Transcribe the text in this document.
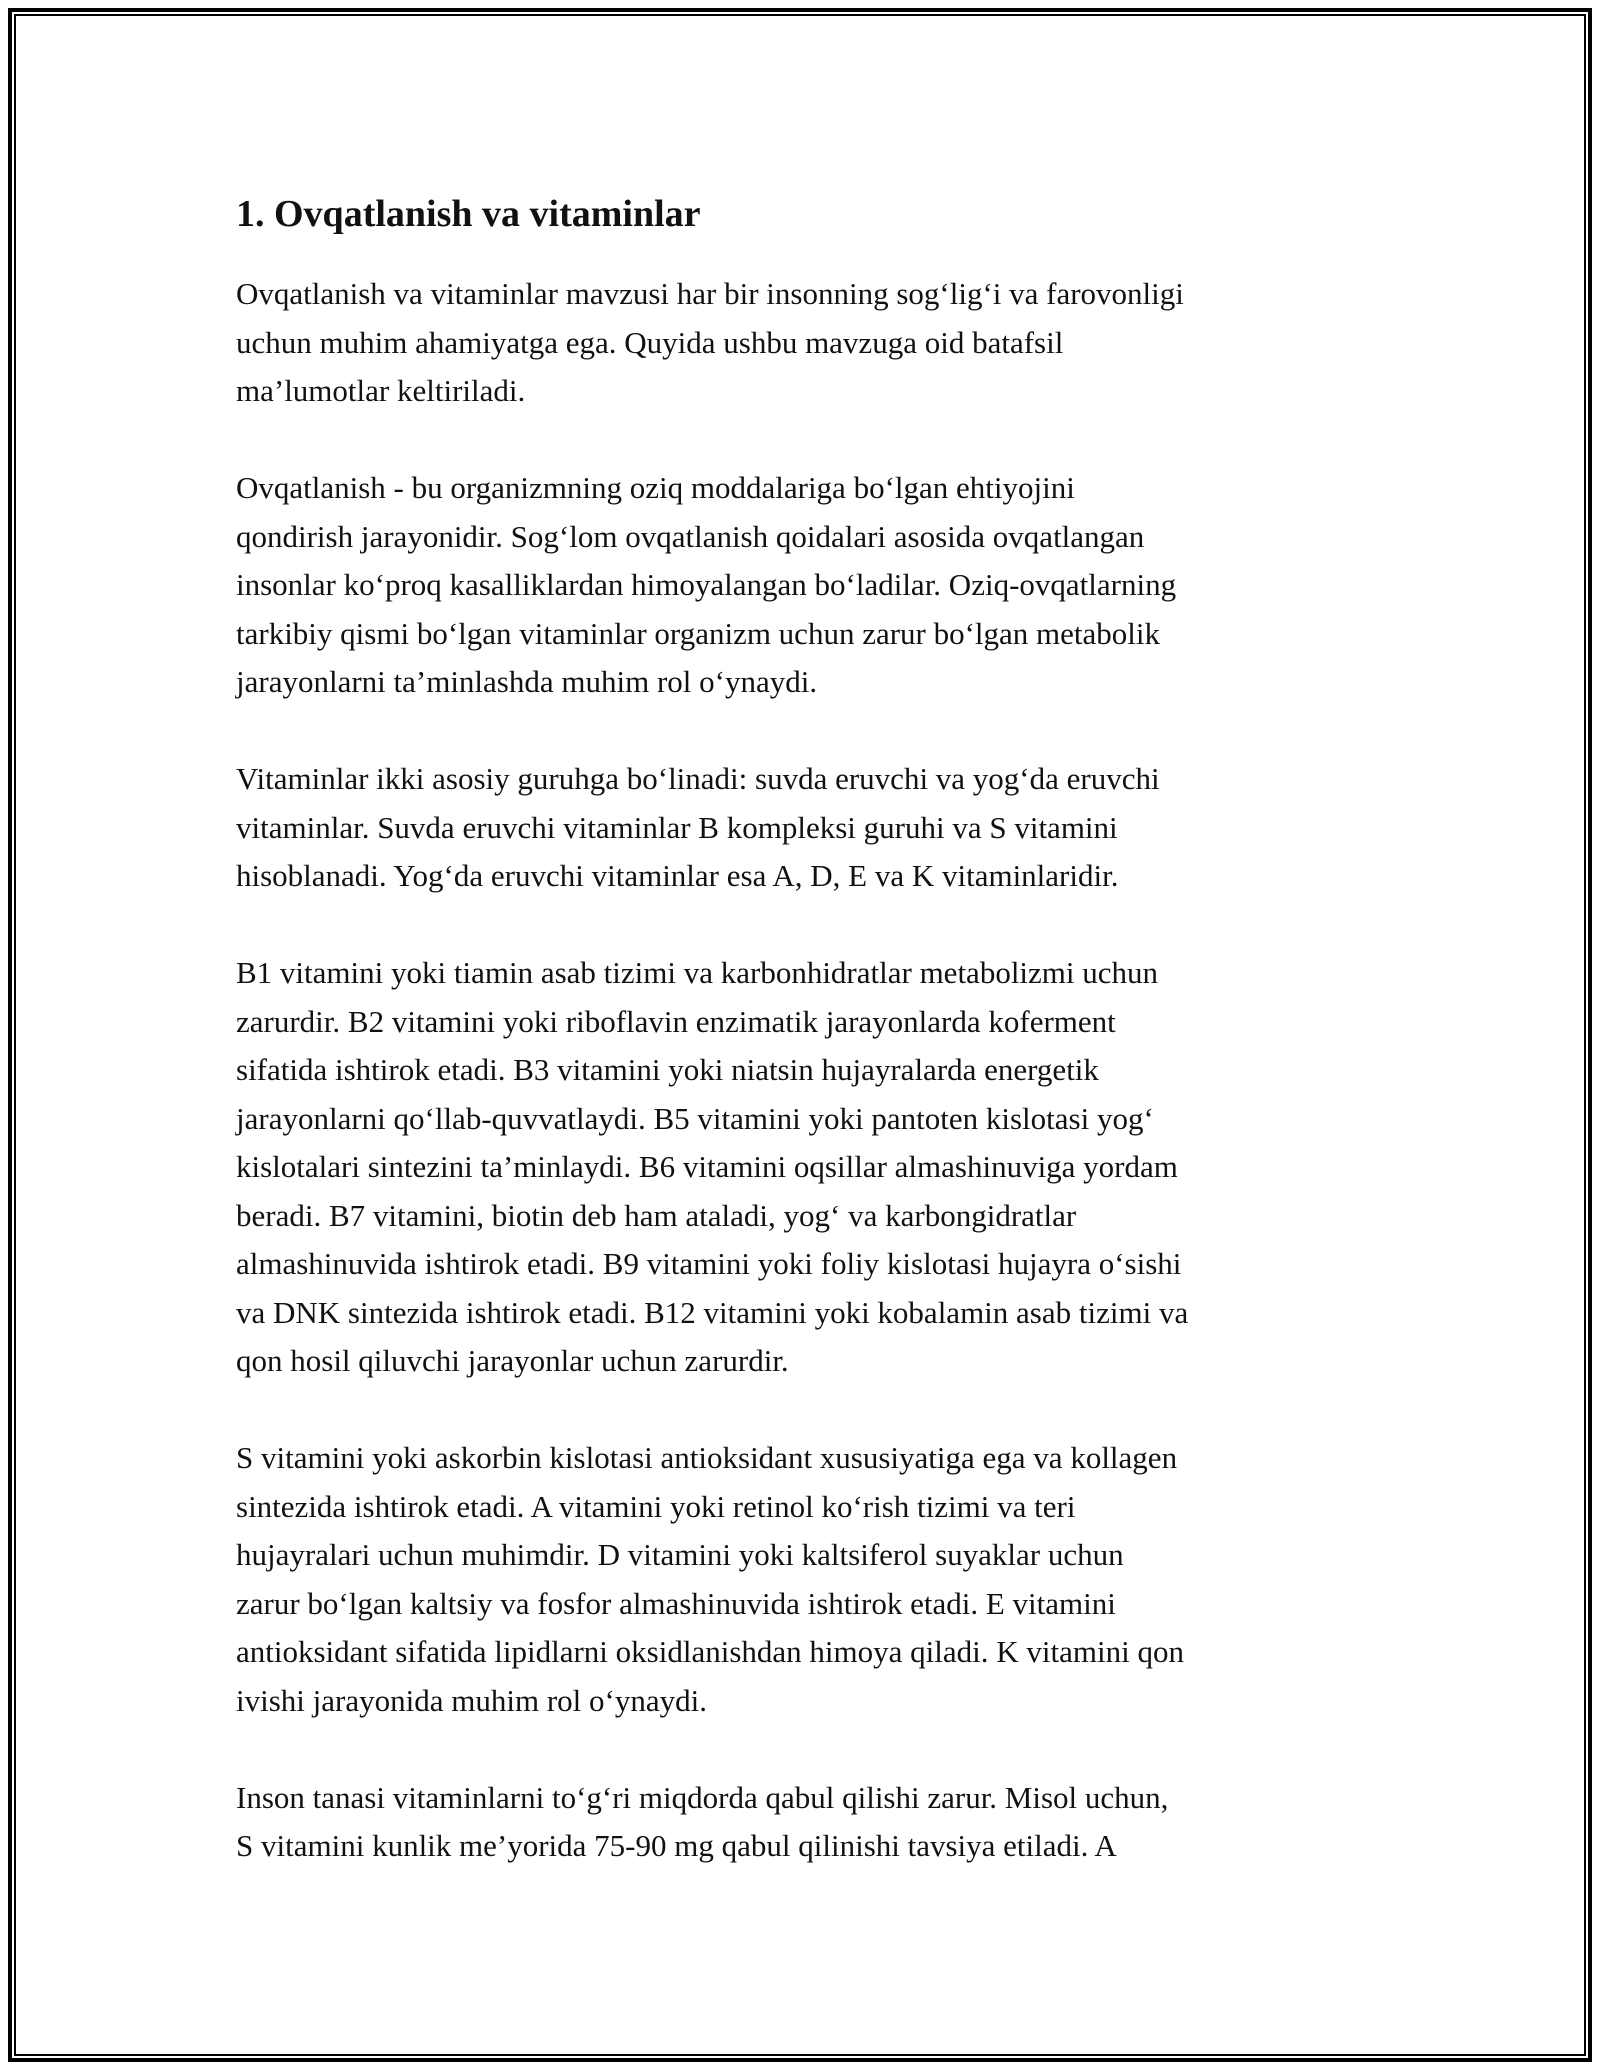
1. Ovqatlanish va vitaminlar

Ovqatlanish va vitaminlar mavzusi har bir insonning sog‘lig‘i va farovonligi
uchun muhim ahamiyatga ega. Quyida ushbu mavzuga oid batafsil
ma’lumotlar keltiriladi.

Ovqatlanish - bu organizmning oziq moddalariga bo‘lgan ehtiyojini
qondirish jarayonidir. Sog‘lom ovqatlanish qoidalari asosida ovqatlangan
insonlar ko‘proq kasalliklardan himoyalangan bo‘ladilar. Oziq-ovqatlarning
tarkibiy qismi bo‘lgan vitaminlar organizm uchun zarur bo‘lgan metabolik
jarayonlarni ta’minlashda muhim rol o‘ynaydi.

Vitaminlar ikki asosiy guruhga bo‘linadi: suvda eruvchi va yog‘da eruvchi
vitaminlar. Suvda eruvchi vitaminlar B kompleksi guruhi va S vitamini
hisoblanadi. Yog‘da eruvchi vitaminlar esa A, D, E va K vitaminlaridir.

B1 vitamini yoki tiamin asab tizimi va karbonhidratlar metabolizmi uchun
zarurdir. B2 vitamini yoki riboflavin enzimatik jarayonlarda koferment
sifatida ishtirok etadi. B3 vitamini yoki niatsin hujayralarda energetik
jarayonlarni qo‘llab-quvvatlaydi. B5 vitamini yoki pantoten kislotasi yog‘
kislotalari sintezini ta’minlaydi. B6 vitamini oqsillar almashinuviga yordam
beradi. B7 vitamini, biotin deb ham ataladi, yog‘ va karbongidratlar
almashinuvida ishtirok etadi. B9 vitamini yoki foliy kislotasi hujayra o‘sishi
va DNK sintezida ishtirok etadi. B12 vitamini yoki kobalamin asab tizimi va
qon hosil qiluvchi jarayonlar uchun zarurdir.

S vitamini yoki askorbin kislotasi antioksidant xususiyatiga ega va kollagen
sintezida ishtirok etadi. A vitamini yoki retinol ko‘rish tizimi va teri
hujayralari uchun muhimdir. D vitamini yoki kaltsiferol suyaklar uchun
zarur bo‘lgan kaltsiy va fosfor almashinuvida ishtirok etadi. E vitamini
antioksidant sifatida lipidlarni oksidlanishdan himoya qiladi. K vitamini qon
ivishi jarayonida muhim rol o‘ynaydi.

Inson tanasi vitaminlarni to‘g‘ri miqdorda qabul qilishi zarur. Misol uchun,
S vitamini kunlik me’yorida 75-90 mg qabul qilinishi tavsiya etiladi. A
